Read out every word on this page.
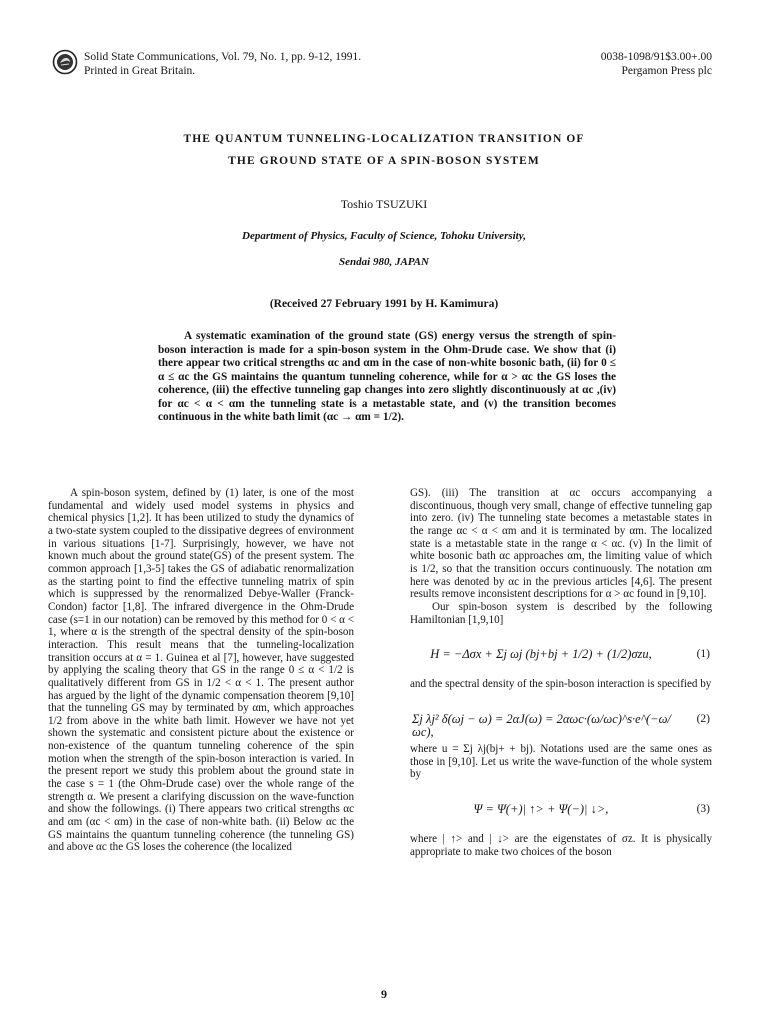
Solid State Communications, Vol. 79, No. 1, pp. 9-12, 1991.
Printed in Great Britain.
0038-1098/91$3.00+.00
Pergamon Press plc
THE QUANTUM TUNNELING-LOCALIZATION TRANSITION OF
THE GROUND STATE OF A SPIN-BOSON SYSTEM
Toshio TSUZUKI
Department of Physics, Faculty of Science, Tohoku University,
Sendai 980, JAPAN
(Received 27 February 1991 by H. Kamimura)

A systematic examination of the ground state (GS) energy versus the strength of spin-boson interaction is made for a spin-boson system in the Ohm-Drude case. We show that (i) there appear two critical strengths αc and αm in the case of non-white bosonic bath, (ii) for 0 ≤ α ≤ αc the GS maintains the quantum tunneling coherence, while for α > αc the GS loses the coherence, (iii) the effective tunneling gap changes into zero slightly discontinuously at αc ,(iv) for αc < α < αm the tunneling state is a metastable state, and (v) the transition becomes continuous in the white bath limit (αc → αm = 1/2).

A spin-boson system, defined by (1) later, is one of the most fundamental and widely used model systems in physics and chemical physics [1,2]. It has been utilized to study the dynamics of a two-state system coupled to the dissipative degrees of environment in various situations [1-7]. Surprisingly, however, we have not known much about the ground state(GS) of the present system. The common approach [1,3-5] takes the GS of adiabatic renormalization as the starting point to find the effective tunneling matrix of spin which is suppressed by the renormalized Debye-Waller (Franck-Condon) factor [1,8]. The infrared divergence in the Ohm-Drude case (s=1 in our notation) can be removed by this method for 0 < α < 1, where α is the strength of the spectral density of the spin-boson interaction. This result means that the tunneling-localization transition occurs at α = 1. Guinea et al [7], however, have suggested by applying the scaling theory that GS in the range 0 ≤ α < 1/2 is qualitatively different from GS in 1/2 < α < 1. The present author has argued by the light of the dynamic compensation theorem [9,10] that the tunneling GS may by terminated by αm, which approaches 1/2 from above in the white bath limit. However we have not yet shown the systematic and consistent picture about the existence or non-existence of the quantum tunneling coherence of the spin motion when the strength of the spin-boson interaction is varied. In the present report we study this problem about the ground state in the case s = 1 (the Ohm-Drude case) over the whole range of the strength α. We present a clarifying discussion on the wave-function and show the followings. (i) There appears two critical strengths αc and αm (αc < αm) in the case of non-white bath. (ii) Below αc the GS maintains the quantum tunneling coherence (the tunneling GS) and above αc the GS loses the coherence (the localized

GS). (iii) The transition at αc occurs accompanying a discontinuous, though very small, change of effective tunneling gap into zero. (iv) The tunneling state becomes a metastable states in the range αc < α < αm and it is terminated by αm. The localized state is a metastable state in the range α < αc. (v) In the limit of white bosonic bath αc approaches αm, the limiting value of which is 1/2, so that the transition occurs continuously. The notation αm here was denoted by αc in the previous articles [4,6]. The present results remove inconsistent descriptions for α > αc found in [9,10].

Our spin-boson system is described by the following Hamiltonian [1,9,10]

H = −Δσx + Σj ωj (bj+bj + 1/2) + (1/2)σzu,	(1)

and the spectral density of the spin-boson interaction is specified by

Σj λj² δ(ωj − ω) = 2αJ(ω) = 2αωc·(ω/ωc)^s·e^(−ω/ωc),
(2)

where u = Σj λj(bj+ + bj). Notations used are the same ones as those in [9,10]. Let us write the wave-function of the whole system by

Ψ = Ψ(+)| ↑> + Ψ(−)| ↓>,	(3)

where | ↑> and | ↓> are the eigenstates of σz. It is physically appropriate to make two choices of the boson

9
